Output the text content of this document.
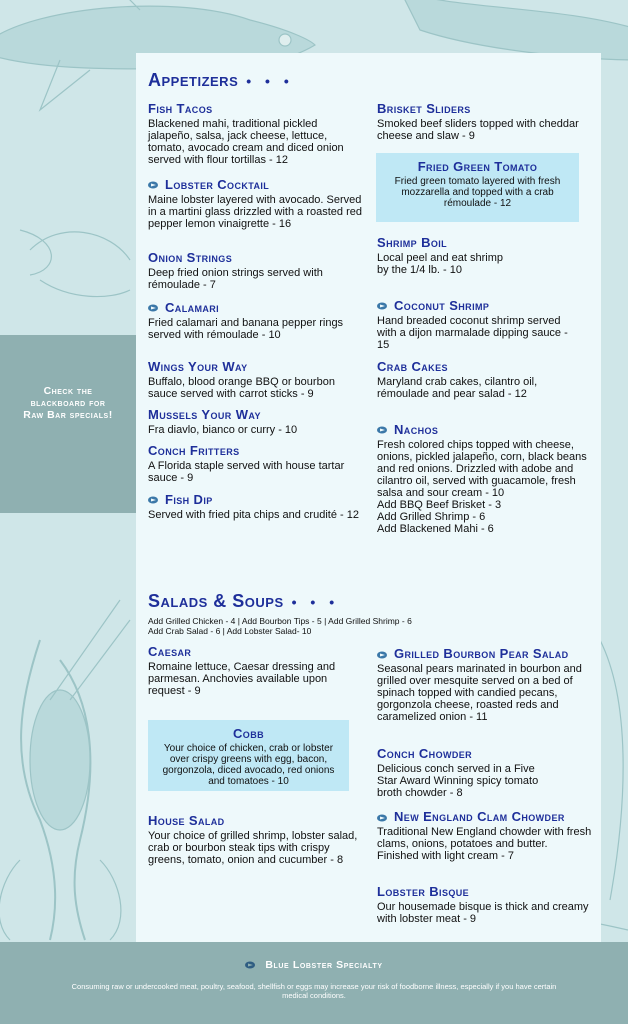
Check the blackboard for Raw Bar specials!
Appetizers • • •
Fish Tacos
Blackened mahi, traditional pickled jalapeño, salsa, jack cheese, lettuce, tomato, avocado cream and diced onion served with flour tortillas - 12
Lobster Cocktail
Maine lobster layered with avocado. Served in a martini glass drizzled with a roasted red pepper lemon vinaigrette - 16
Onion Strings
Deep fried onion strings served with rémoulade - 7
Calamari
Fried calamari and banana pepper rings served with rémoulade - 10
Wings Your Way
Buffalo, blood orange BBQ or bourbon sauce served with carrot sticks - 9
Mussels Your Way
Fra diavlo, bianco or curry - 10
Conch Fritters
A Florida staple served with house tartar sauce - 9
Fish Dip
Served with fried pita chips and crudité - 12
Brisket Sliders
Smoked beef sliders topped with cheddar cheese and slaw - 9
Fried Green Tomato
Fried green tomato layered with fresh mozzarella and topped with a crab rémoulade - 12
Shrimp Boil
Local peel and eat shrimp by the 1/4 lb. - 10
Coconut Shrimp
Hand breaded coconut shrimp served with a dijon marmalade dipping sauce - 15
Crab Cakes
Maryland crab cakes, cilantro oil, rémoulade and pear salad - 12
Nachos
Fresh colored chips topped with cheese, onions, pickled jalapeño, corn, black beans and red onions. Drizzled with adobe and cilantro oil, served with guacamole, fresh salsa and sour cream - 10
Add BBQ Beef Brisket - 3
Add Grilled Shrimp - 6
Add Blackened Mahi - 6
Salads & Soups • • •
Add Grilled Chicken - 4 | Add Bourbon Tips - 5 | Add Grilled Shrimp - 6
Add Crab Salad - 6 | Add Lobster Salad- 10
Caesar
Romaine lettuce, Caesar dressing and parmesan. Anchovies available upon request - 9
Cobb
Your choice of chicken, crab or lobster over crispy greens with egg, bacon, gorgonzola, diced avocado, red onions and tomatoes - 10
House Salad
Your choice of grilled shrimp, lobster salad, crab or bourbon steak tips with crispy greens, tomato, onion and cucumber - 8
Grilled Bourbon Pear Salad
Seasonal pears marinated in bourbon and grilled over mesquite served on a bed of spinach topped with candied pecans, gorgonzola cheese, roasted reds and caramelized onion - 11
Conch Chowder
Delicious conch served in a Five Star Award Winning spicy tomato broth chowder - 8
New England Clam Chowder
Traditional New England chowder with fresh clams, onions, potatoes and butter. Finished with light cream - 7
Lobster Bisque
Our housemade bisque is thick and creamy with lobster meat - 9
Blue Lobster Specialty
Consuming raw or undercooked meat, poultry, seafood, shellfish or eggs may increase your risk of foodborne illness, especially if you have certain medical conditions.
